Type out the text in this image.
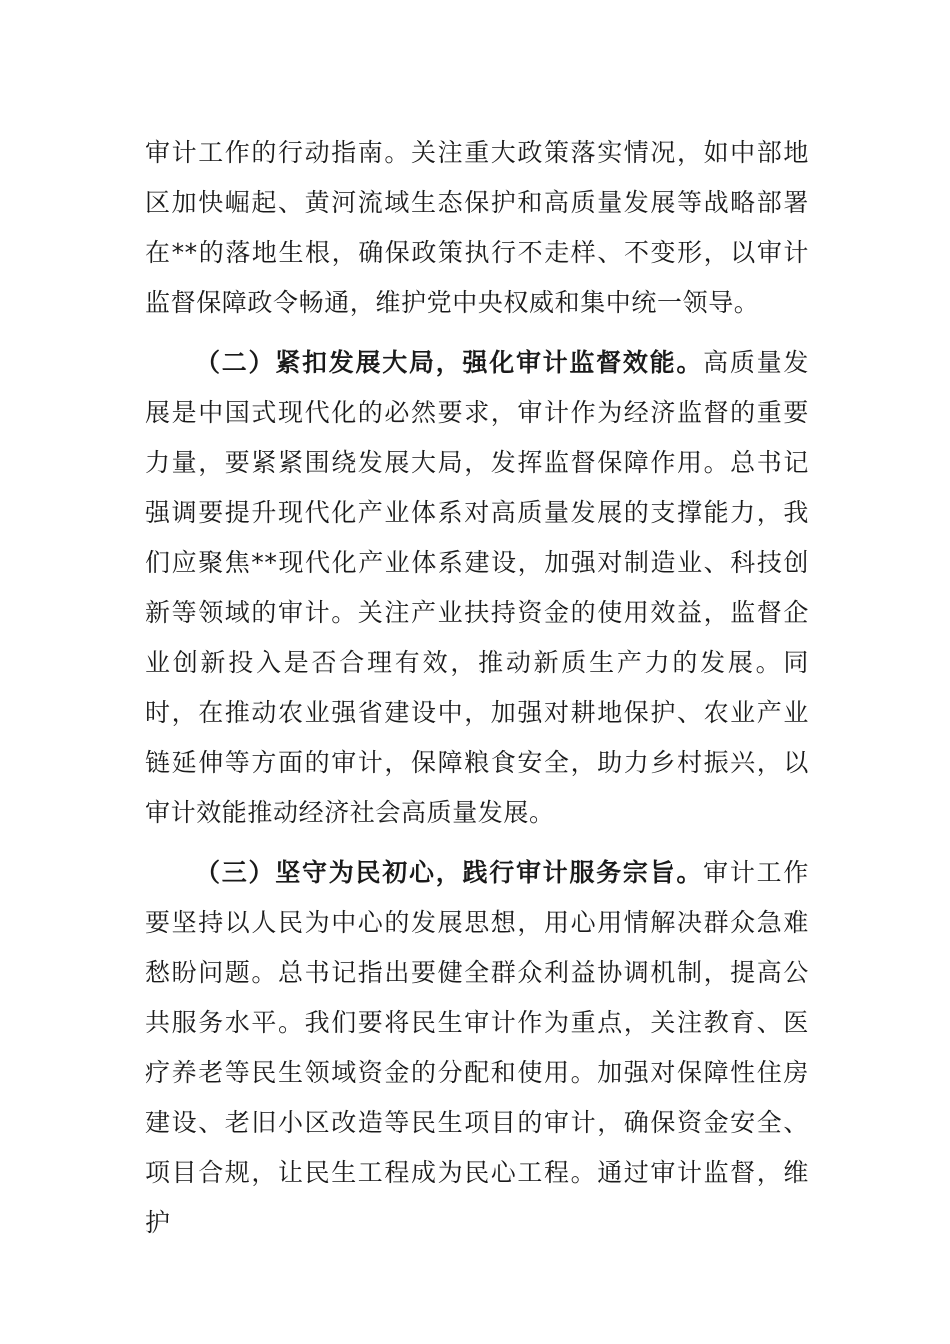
审计工作的行动指南。关注重大政策落实情况，如中部地区加快崛起、黄河流域生态保护和高质量发展等战略部署在**的落地生根，确保政策执行不走样、不变形，以审计监督保障政令畅通，维护党中央权威和集中统一领导。

（二）紧扣发展大局，强化审计监督效能。高质量发展是中国式现代化的必然要求，审计作为经济监督的重要力量，要紧紧围绕发展大局，发挥监督保障作用。总书记强调要提升现代化产业体系对高质量发展的支撑能力，我们应聚焦**现代化产业体系建设，加强对制造业、科技创新等领域的审计。关注产业扶持资金的使用效益，监督企业创新投入是否合理有效，推动新质生产力的发展。同时，在推动农业强省建设中，加强对耕地保护、农业产业链延伸等方面的审计，保障粮食安全，助力乡村振兴，以审计效能推动经济社会高质量发展。

（三）坚守为民初心，践行审计服务宗旨。审计工作要坚持以人民为中心的发展思想，用心用情解决群众急难愁盼问题。总书记指出要健全群众利益协调机制，提高公共服务水平。我们要将民生审计作为重点，关注教育、医疗养老等民生领域资金的分配和使用。加强对保障性住房建设、老旧小区改造等民生项目的审计，确保资金安全、项目合规，让民生工程成为民心工程。通过审计监督，维护
